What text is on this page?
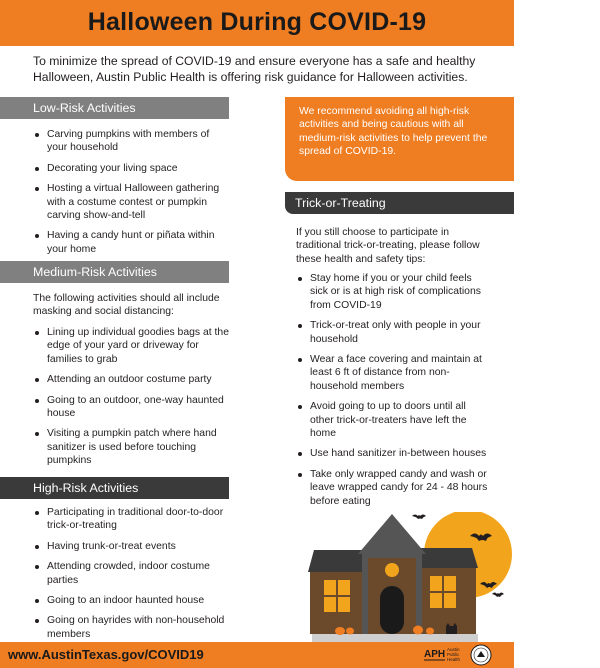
Halloween During COVID-19

To minimize the spread of COVID-19 and ensure everyone has a safe and healthy Halloween, Austin Public Health is offering risk guidance for Halloween activities.

Low-Risk Activities
Carving pumpkins with members of your household
Decorating your living space
Hosting a virtual Halloween gathering with a costume contest or pumpkin carving show-and-tell
Having a candy hunt or piñata within your home
Medium-Risk Activities

The following activities should all include masking and social distancing:

Lining up individual goodies bags at the edge of your yard or driveway for families to grab
Attending an outdoor costume party
Going to an outdoor, one-way haunted house
Visiting a pumpkin patch where hand sanitizer is used before touching pumpkins
High-Risk Activities
Participating in traditional door-to-door trick-or-treating
Having trunk-or-treat events
Attending crowded, indoor costume parties
Going to an indoor haunted house
Going on hayrides with non-household members
We recommend avoiding all high-risk activities and being cautious with all medium-risk activities to help prevent the spread of COVID-19.
Trick-or-Treating

If you still choose to participate in traditional trick-or-treating, please follow these health and safety tips:

Stay home if you or your child feels sick or is at high risk of complications from COVID-19
Trick-or-treat only with people in your household
Wear a face covering and maintain at least 6 ft of distance from non-household members
Avoid going to up to doors until all other trick-or-treaters have left the home
Use hand sanitizer in-between houses
Take only wrapped candy and wash or leave wrapped candy for 24 - 48 hours before eating
www.AustinTexas.gov/COVID19	APH Austin
Public
Health
